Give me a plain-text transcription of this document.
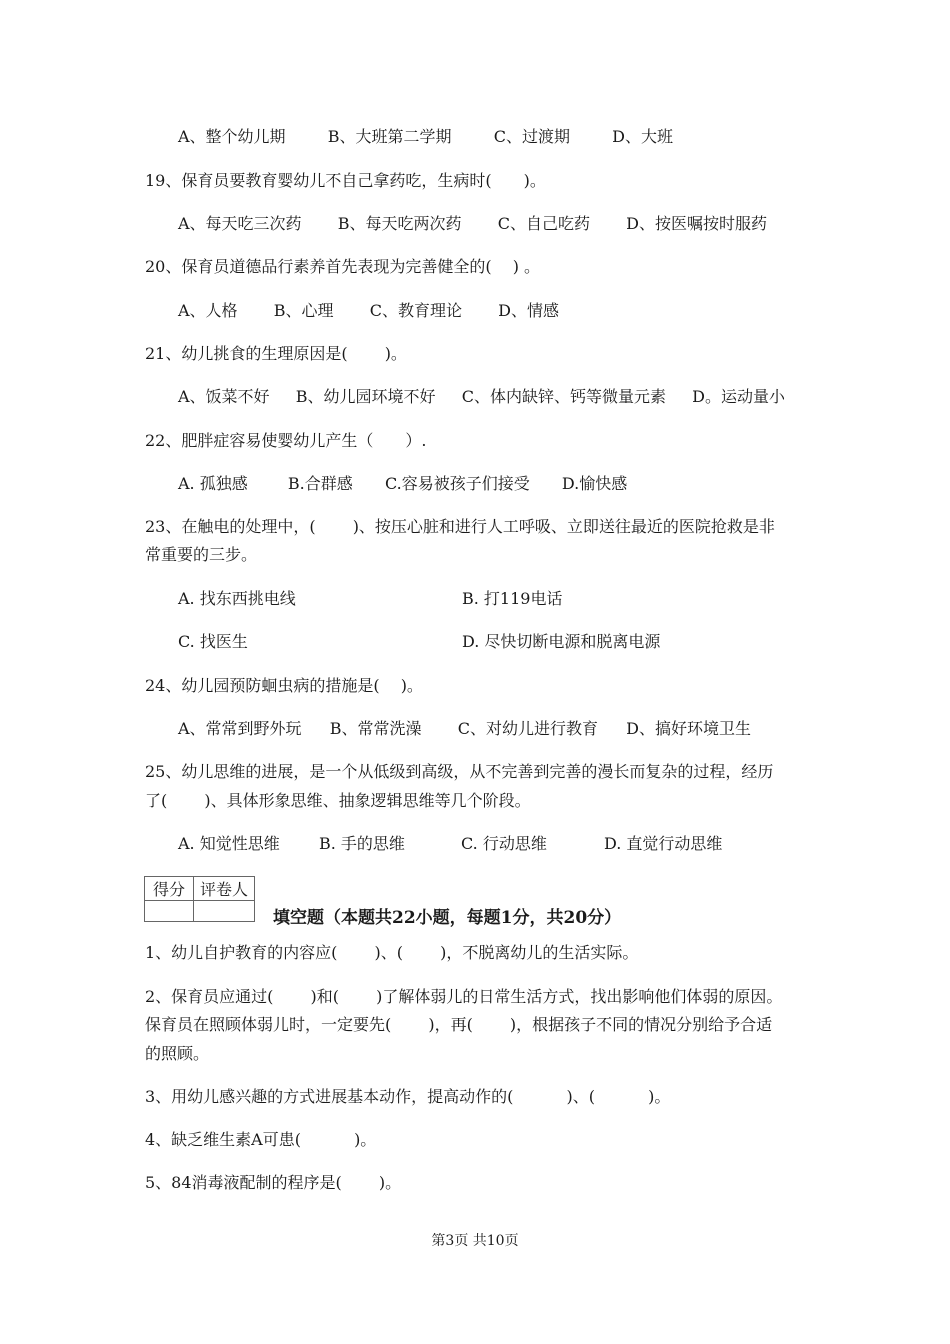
A、整个幼儿期	B、大班第二学期	C、过渡期	D、大班
19、保育员要教育婴幼儿不自己拿药吃，生病时(　　)。
A、每天吃三次药 B、每天吃两次药 C、自己吃药 D、按医嘱按时服药
20、保育员道德品行素养首先表现为完善健全的(　 ) 。
A、人格 B、心理 C、教育理论 D、情感
21、幼儿挑食的生理原因是(　　 )。
A、饭菜不好 B、幼儿园环境不好 C、体内缺锌、钙等微量元素 D。运动量小
22、肥胖症容易使婴幼儿产生（　　）.
A. 孤独感	B.合群感 C.容易被孩子们接受 D.愉快感
23、在触电的处理中，(　　 )、按压心脏和进行人工呼吸、立即送往最近的医院抢救是非
常重要的三步。
A. 找东西挑电线	B. 打119电话
C. 找医生	D. 尽快切断电源和脱离电源
24、幼儿园预防蛔虫病的措施是(　 )。
A、常常到野外玩 B、常常洗澡 C、对幼儿进行教育 D、搞好环境卫生
25、幼儿思维的进展，是一个从低级到高级，从不完善到完善的漫长而复杂的过程，经历
了(　　 )、具体形象思维、抽象逻辑思维等几个阶段。
A. 知觉性思维 B. 手的思维	C. 行动思维	D. 直觉行动思维
得分	评卷人

填空题（本题共22小题，每题1分，共20分）
1、幼儿自护教育的内容应(　　 )、(　　 )，不脱离幼儿的生活实际。
2、保育员应通过(　　 )和(　　 )了解体弱儿的日常生活方式，找出影响他们体弱的原因。
保育员在照顾体弱儿时，一定要先(　　 )，再(　　 )，根据孩子不同的情况分别给予合适
的照顾。
3、用幼儿感兴趣的方式进展基本动作，提高动作的(　　　 )、(　　　 )。
4、缺乏维生素A可患(　　　 )。
5、84消毒液配制的程序是(　　 )。
第3页 共10页
